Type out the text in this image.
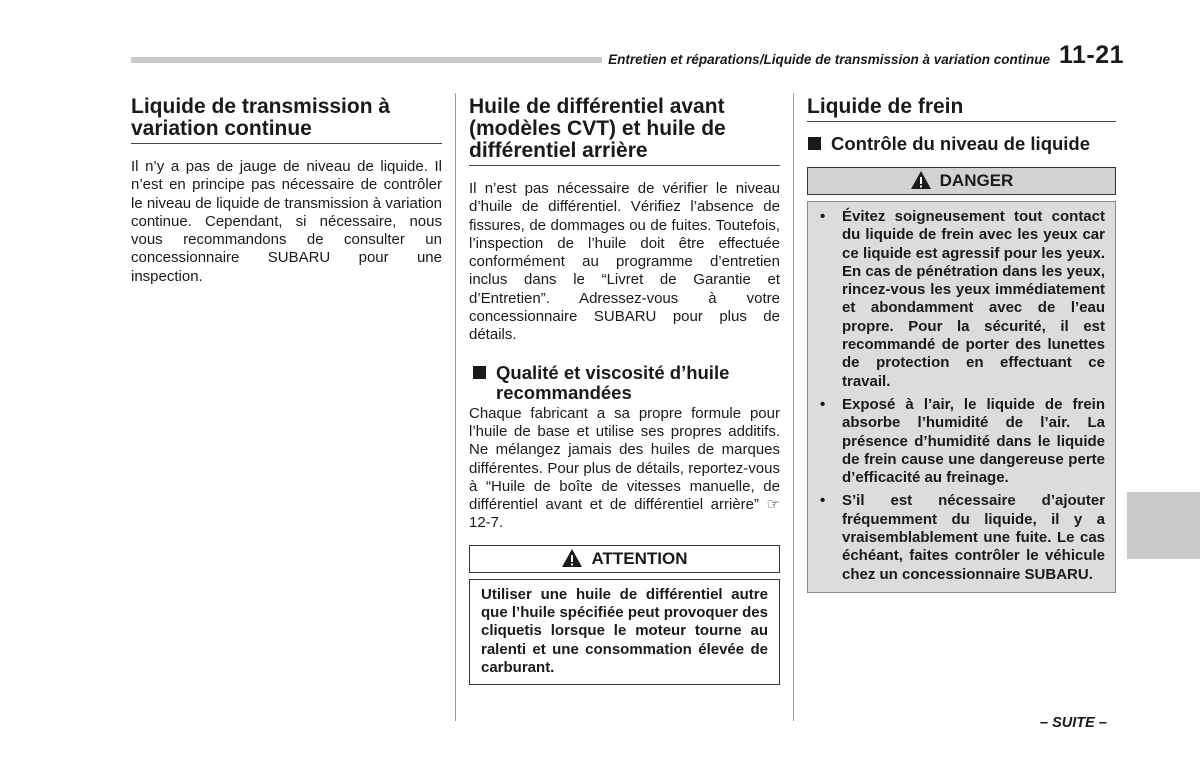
Entretien et réparations/Liquide de transmission à variation continue 11-21
Liquide de transmission à variation continue

Il n’y a pas de jauge de niveau de liquide. Il n’est en principe pas nécessaire de contrôler le niveau de liquide de transmission à variation continue. Cependant, si nécessaire, nous vous recommandons de consulter un concessionnaire SUBARU pour une inspection.

Huile de différentiel avant (modèles CVT) et huile de différentiel arrière

Il n’est pas nécessaire de vérifier le niveau d’huile de différentiel. Vérifiez l’absence de fissures, de dommages ou de fuites. Toutefois, l’inspection de l’huile doit être effectuée conformément au programme d’entretien inclus dans le “Livret de Garantie et d’Entretien”. Adressez-vous à votre concessionnaire SUBARU pour plus de détails.

Qualité et viscosité d’huile recommandées

Chaque fabricant a sa propre formule pour l’huile de base et utilise ses propres additifs. Ne mélangez jamais des huiles de marques différentes. Pour plus de détails, reportez-vous à “Huile de boîte de vitesses manuelle, de différentiel avant et de différentiel arrière” ☞12-7.

ATTENTION
Utiliser une huile de différentiel autre que l’huile spécifiée peut provoquer des cliquetis lorsque le moteur tourne au ralenti et une consommation élevée de carburant.
Liquide de frein
Contrôle du niveau de liquide
DANGER
• Évitez soigneusement tout contact du liquide de frein avec les yeux car ce liquide est agressif pour les yeux. En cas de pénétration dans les yeux, rincez-vous les yeux immédiatement et abondamment avec de l’eau propre. Pour la sécurité, il est recommandé de porter des lunettes de protection en effectuant ce travail.
• Exposé à l’air, le liquide de frein absorbe l’humidité de l’air. La présence d’humidité dans le liquide de frein cause une dangereuse perte d’efficacité au freinage.
• S’il est nécessaire d’ajouter fréquemment du liquide, il y a vraisemblablement une fuite. Le cas échéant, faites contrôler le véhicule chez un concessionnaire SUBARU.
– SUITE –
